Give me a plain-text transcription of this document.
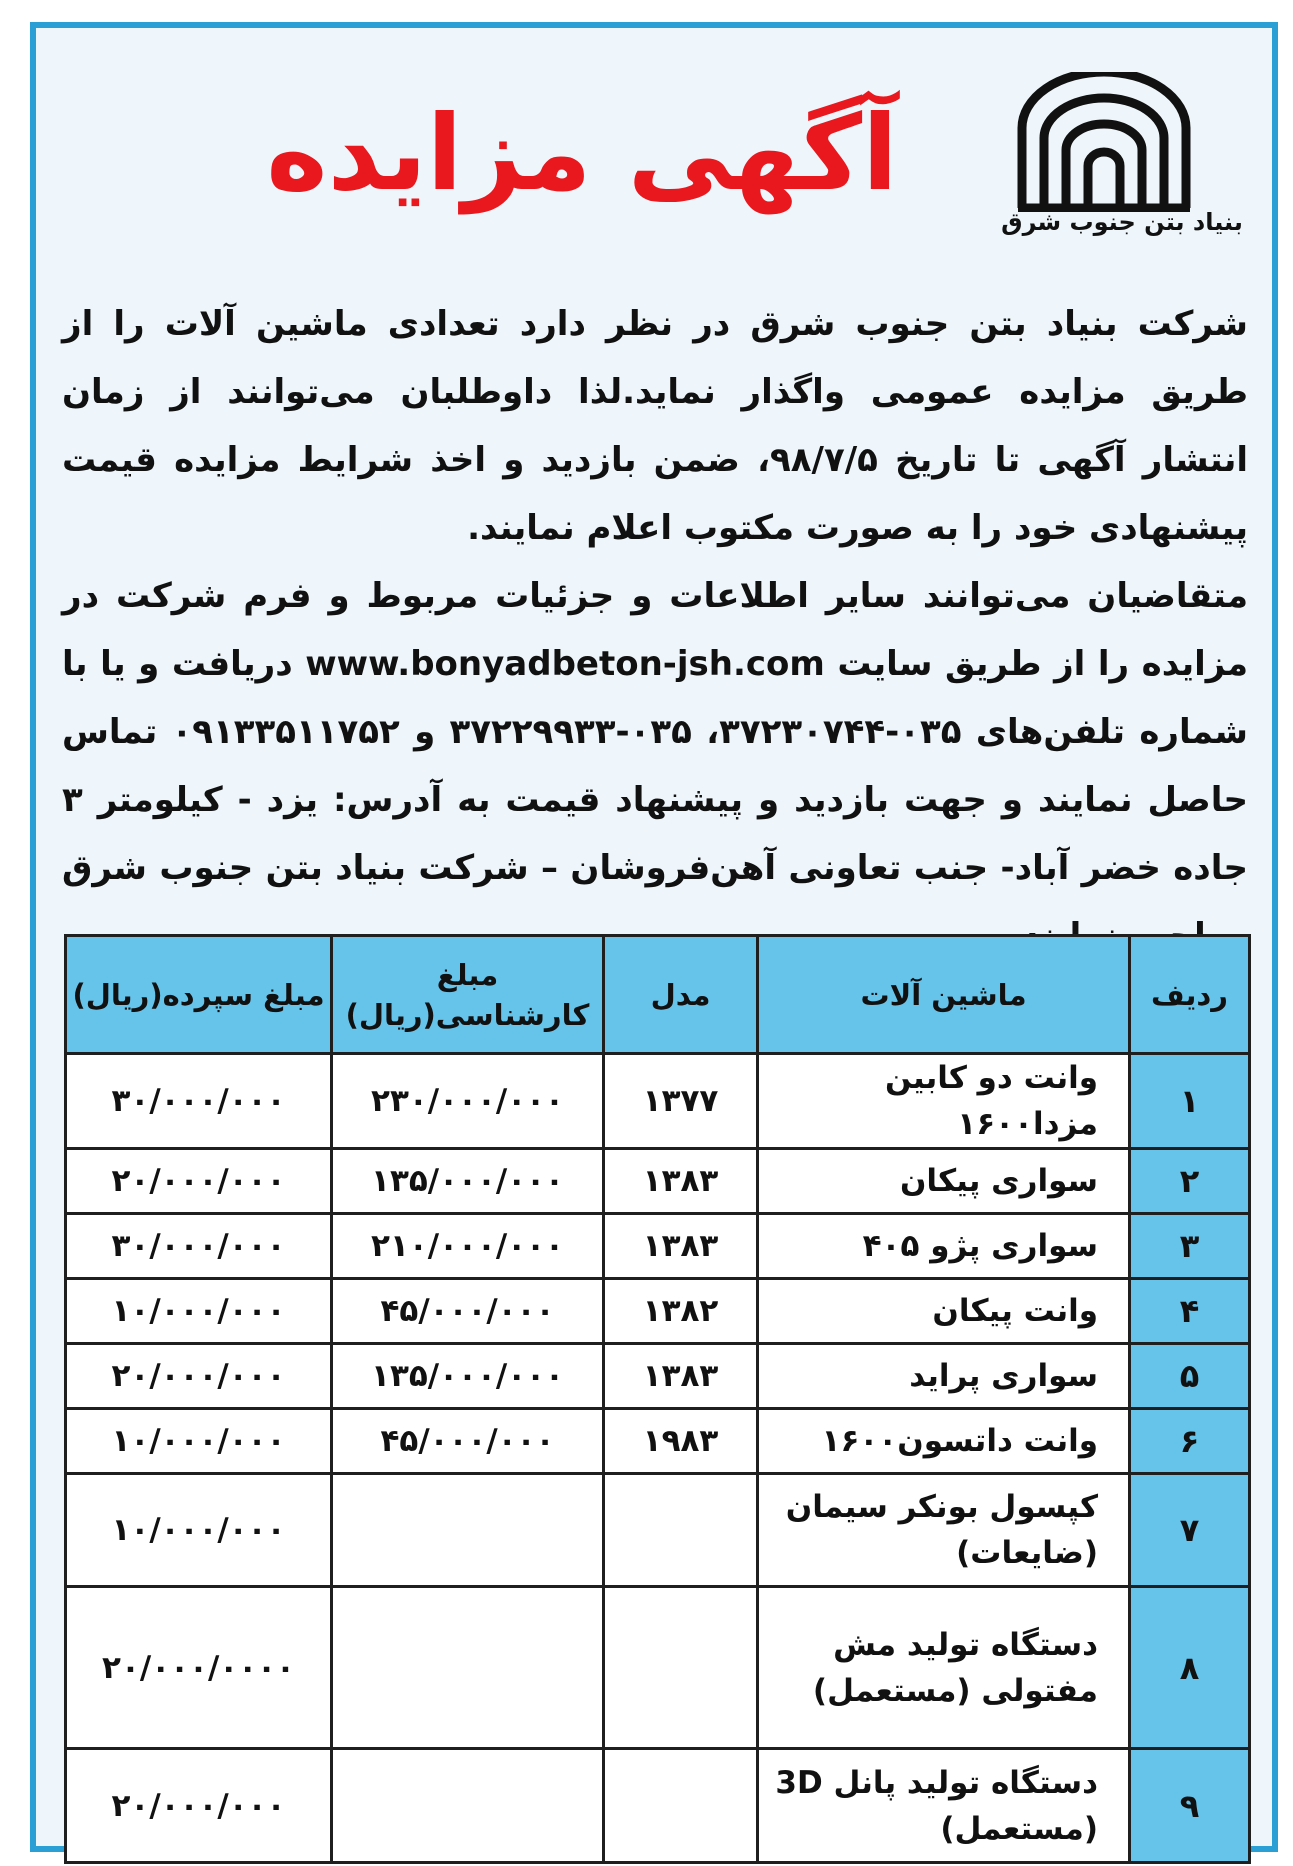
آگهی مزایده
بنیاد بتن جنوب شرق

شرکت بنیاد بتن جنوب شرق در نظر دارد تعدادی ماشین آلات را از طریق مزایده عمومی واگذار نماید.لذا داوطلبان می‌توانند از زمان انتشار آگهی تا تاریخ ۹۸/۷/۵، ضمن بازدید و اخذ شرایط مزایده قیمت پیشنهادی خود را به صورت مکتوب اعلام نمایند.

متقاضیان می‌توانند سایر اطلاعات و جزئیات مربوط و فرم شرکت در مزایده را از طریق سایت www.bonyadbeton-jsh.com دریافت و یا با شماره تلفن‌های ۰۳۵-۳۷۲۳۰۷۴۴، ۰۳۵-۳۷۲۲۹۹۳۳ و ۰۹۱۳۳۵۱۱۷۵۲ تماس حاصل نمایند و جهت بازدید و پیشنهاد قیمت به آدرس: یزد - کیلومتر ۳ جاده خضر آباد- جنب تعاونی آهن‌فروشان – شرکت بنیاد بتن جنوب شرق

ردیف	ماشین آلات	مدل	مبلغ کارشناسی(ریال)	مبلغ سپرده(ریال)
۱	وانت دو کابین مزدا۱۶۰۰	۱۳۷۷	۲۳۰/۰۰۰/۰۰۰	۳۰/۰۰۰/۰۰۰
۲	سواری پیکان	۱۳۸۳	۱۳۵/۰۰۰/۰۰۰	۲۰/۰۰۰/۰۰۰
۳	سواری پژو ۴۰۵	۱۳۸۳	۲۱۰/۰۰۰/۰۰۰	۳۰/۰۰۰/۰۰۰
۴	وانت پیکان	۱۳۸۲	۴۵/۰۰۰/۰۰۰	۱۰/۰۰۰/۰۰۰
۵	سواری پراید	۱۳۸۳	۱۳۵/۰۰۰/۰۰۰	۲۰/۰۰۰/۰۰۰
۶	وانت داتسون۱۶۰۰	۱۹۸۳	۴۵/۰۰۰/۰۰۰	۱۰/۰۰۰/۰۰۰
۷	کپسول بونکر سیمان (ضایعات)			۱۰/۰۰۰/۰۰۰
۸	دستگاه تولید مش مفتولی (مستعمل)			۲۰/۰۰۰/۰۰۰۰
۹	دستگاه تولید پانل 3D (مستعمل)			۲۰/۰۰۰/۰۰۰
